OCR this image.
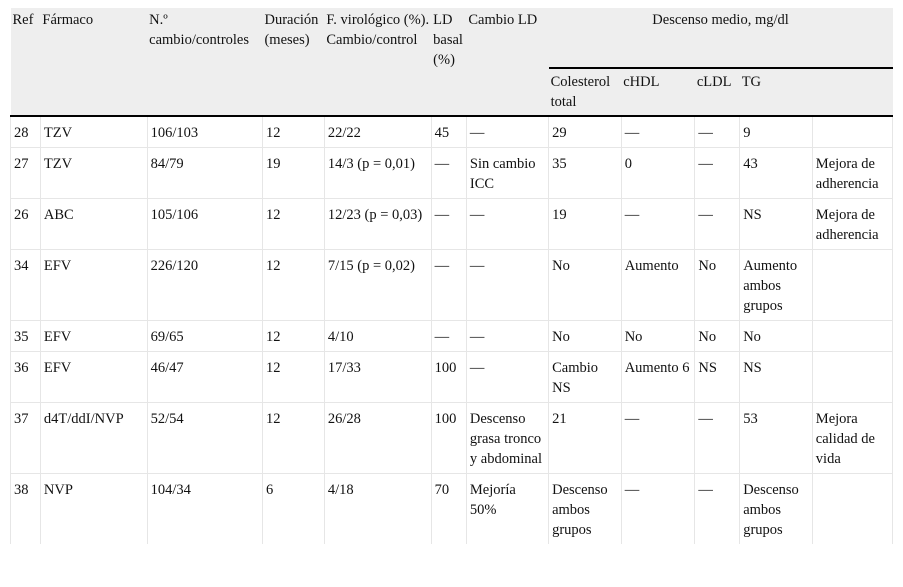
Ref	Fármaco	N.º cambio/controles	Duración (meses)	F. virológico (%). Cambio/control	LD basal (%)	Cambio LD	Descenso medio, mg/dl				
							Colesterol total	cHDL	cLDL	TG	
28	TZV	106/103	12	22/22	45	—	29	—	—	9	
27	TZV	84/79	19	14/3 (p = 0,01)	—	Sin cambio ICC	35	0	—	43	Mejora de adherencia
26	ABC	105/106	12	12/23 (p = 0,03)	—	—	19	—	—	NS	Mejora de adherencia
34	EFV	226/120	12	7/15 (p = 0,02)	—	—	No	Aumento	No	Aumento ambos grupos	
35	EFV	69/65	12	4/10	—	—	No	No	No	No	
36	EFV	46/47	12	17/33	100	—	Cambio NS	Aumento 6	NS	NS	
37	d4T/ddI/NVP	52/54	12	26/28	100	Descenso grasa tronco y abdominal	21	—	—	53	Mejora calidad de vida
38	NVP	104/34	6	4/18	70	Mejoría 50%	Descenso ambos grupos	—	—	Descenso ambos grupos	
